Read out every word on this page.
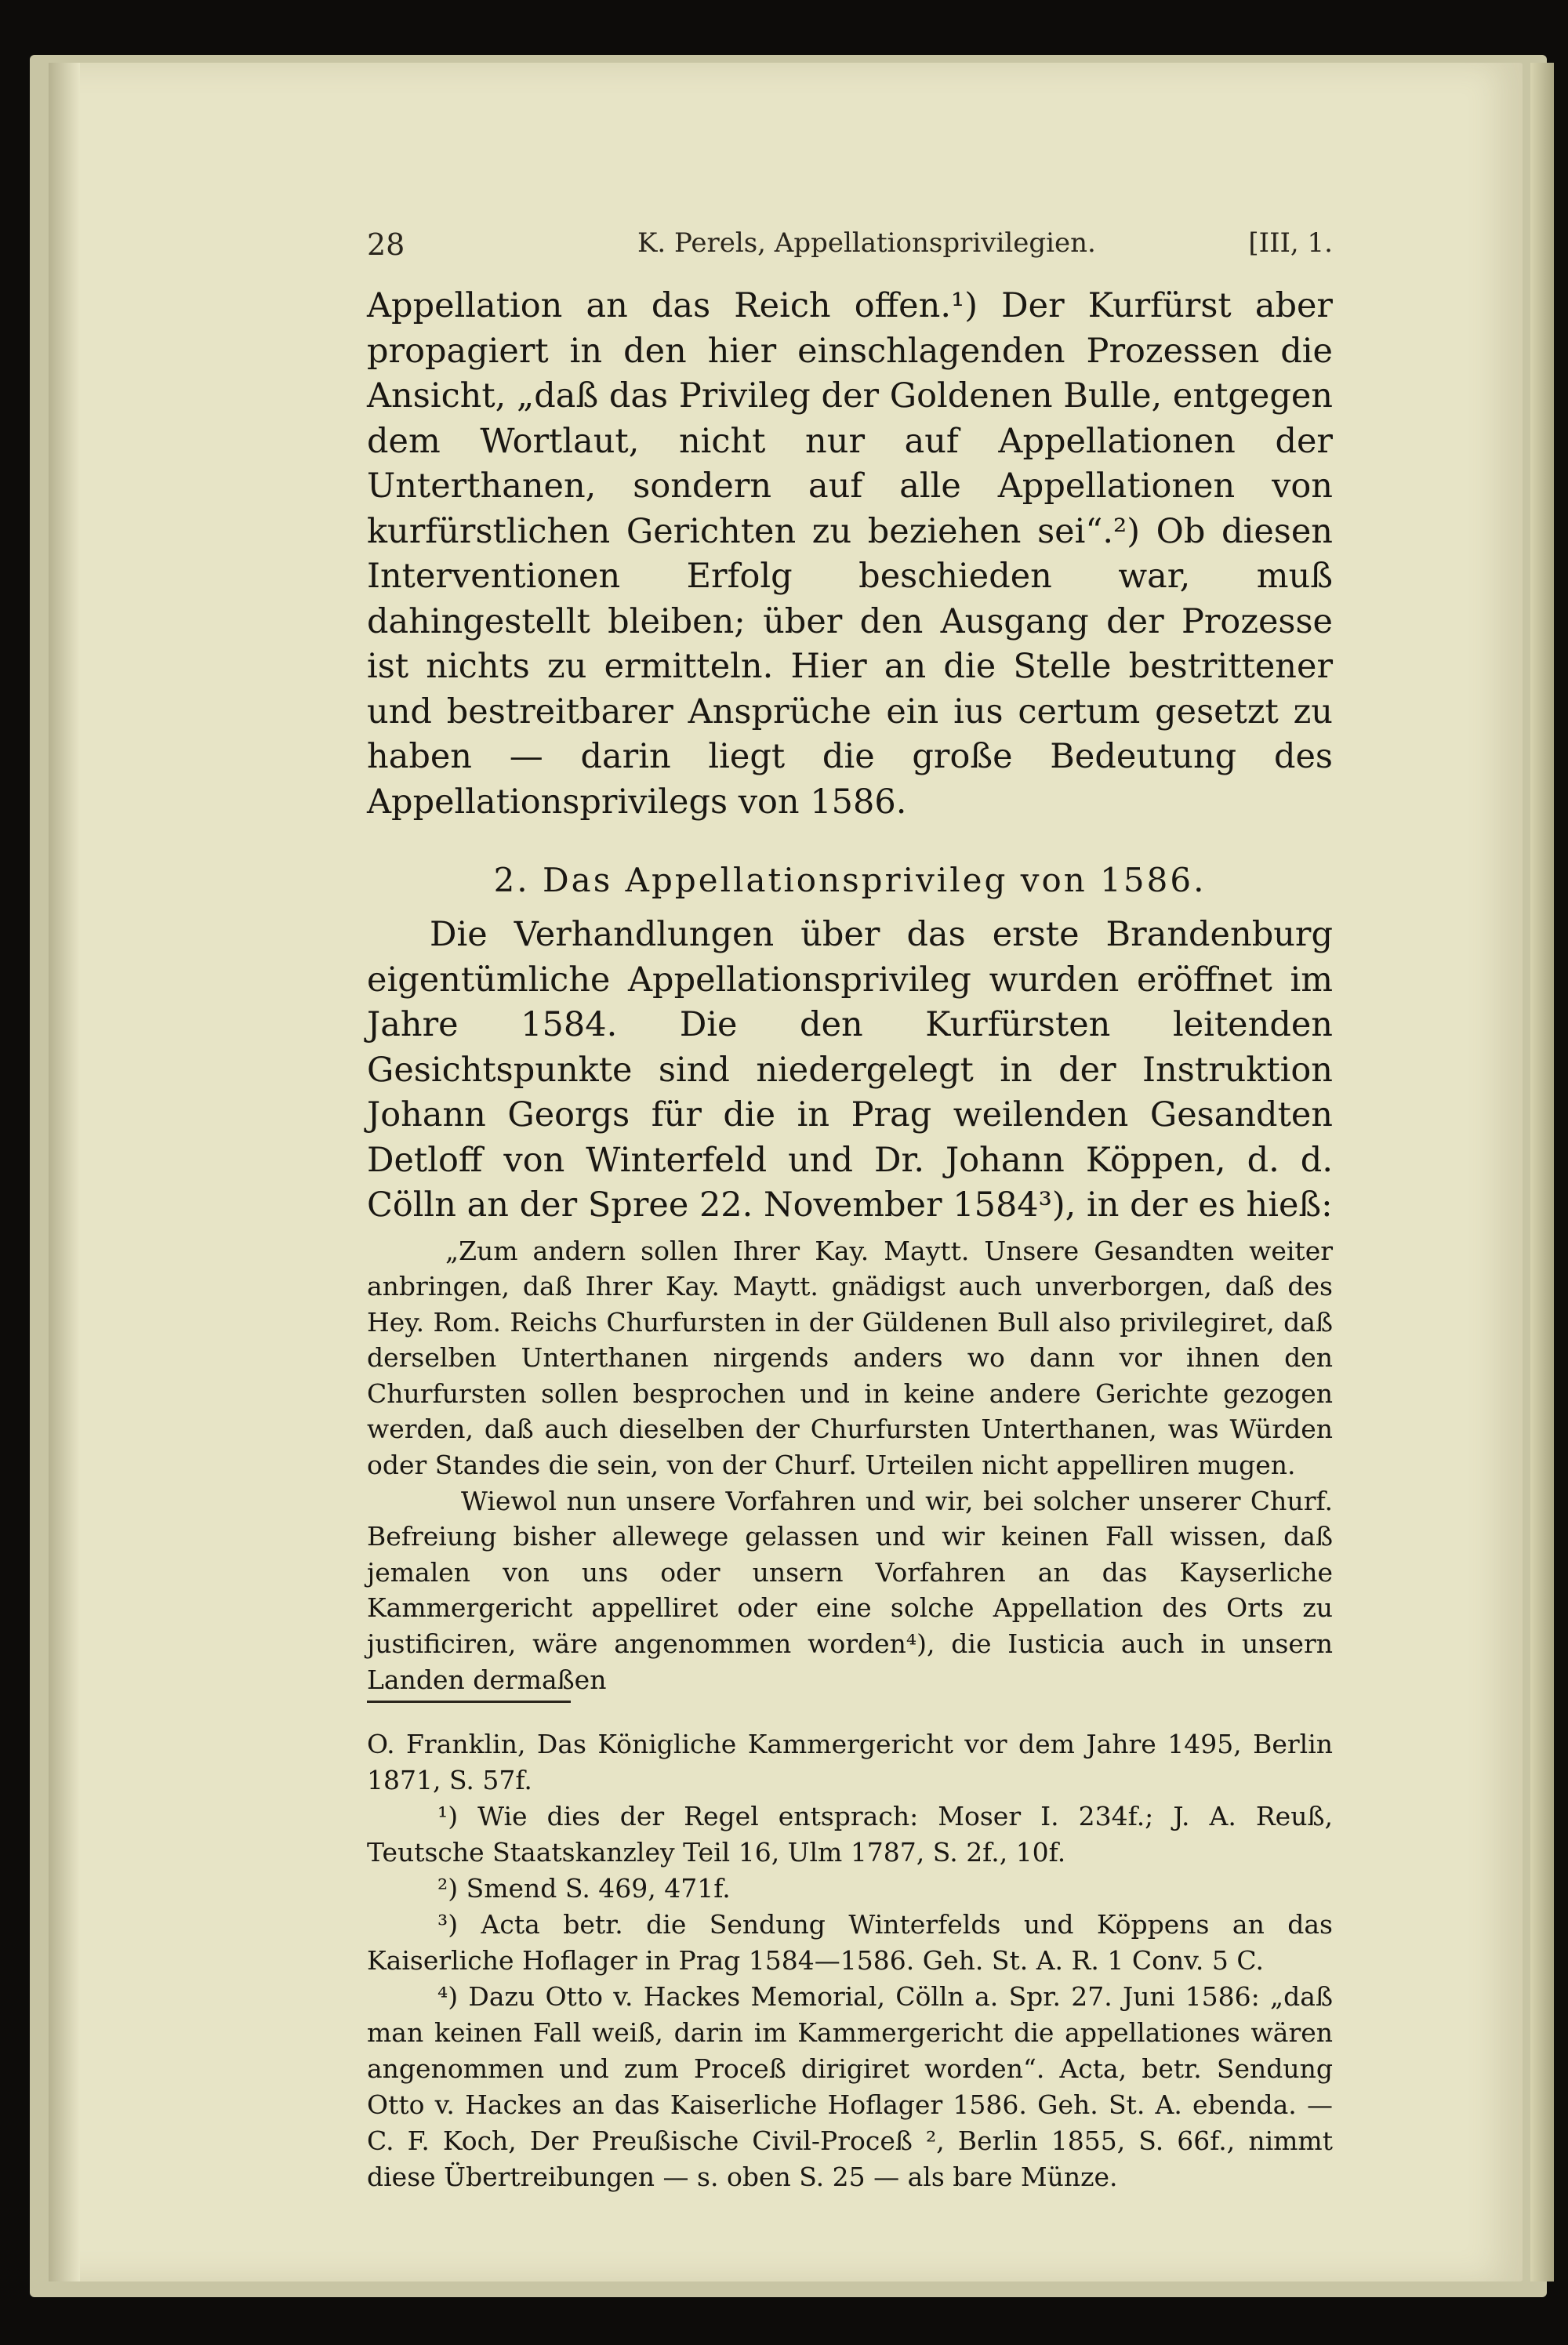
28	K. Perels, Appellationsprivilegien.	[III, 1.

Appellation an das Reich offen.¹) Der Kurfürst aber propagiert in den hier einschlagenden Prozessen die Ansicht, „daß das Privileg der Goldenen Bulle, entgegen dem Wortlaut, nicht nur auf Appellationen der Unterthanen, sondern auf alle Appellationen von kurfürstlichen Gerichten zu beziehen sei“.²) Ob diesen Interventionen Erfolg beschieden war, muß dahingestellt bleiben; über den Ausgang der Prozesse ist nichts zu ermitteln. Hier an die Stelle bestrittener und bestreitbarer Ansprüche ein ius certum gesetzt zu haben — darin liegt die große Bedeutung des Appellationsprivilegs von 1586.

2. Das Appellationsprivileg von 1586.

Die Verhandlungen über das erste Brandenburg eigentümliche Appellationsprivileg wurden eröffnet im Jahre 1584. Die den Kurfürsten leitenden Gesichtspunkte sind niedergelegt in der Instruktion Johann Georgs für die in Prag weilenden Gesandten Detloff von Winterfeld und Dr. Johann Köppen, d. d. Cölln an der Spree 22. November 1584³), in der es hieß:

„Zum andern sollen Ihrer Kay. Maytt. Unsere Gesandten weiter anbringen, daß Ihrer Kay. Maytt. gnädigst auch unverborgen, daß des Hey. Rom. Reichs Churfursten in der Güldenen Bull also privilegiret, daß derselben Unterthanen nirgends anders wo dann vor ihnen den Churfursten sollen besprochen und in keine andere Gerichte gezogen werden, daß auch dieselben der Churfursten Unterthanen, was Würden oder Standes die sein, von der Churf. Urteilen nicht appelliren mugen.

Wiewol nun unsere Vorfahren und wir, bei solcher unserer Churf. Befreiung bisher allewege gelassen und wir keinen Fall wissen, daß jemalen von uns oder unsern Vorfahren an das Kayserliche Kammergericht appelliret oder eine solche Appellation des Orts zu justificiren, wäre angenommen worden⁴), die Iusticia auch in unsern Landen dermaßen

O. Franklin, Das Königliche Kammergericht vor dem Jahre 1495, Berlin 1871, S. 57f.

¹) Wie dies der Regel entsprach: Moser I. 234f.; J. A. Reuß, Teutsche Staatskanzley Teil 16, Ulm 1787, S. 2f., 10f.

²) Smend S. 469, 471f.

³) Acta betr. die Sendung Winterfelds und Köppens an das Kaiserliche Hoflager in Prag 1584—1586. Geh. St. A. R. 1 Conv. 5 C.

⁴) Dazu Otto v. Hackes Memorial, Cölln a. Spr. 27. Juni 1586: „daß man keinen Fall weiß, darin im Kammergericht die appellationes wären angenommen und zum Proceß dirigiret worden“. Acta, betr. Sendung Otto v. Hackes an das Kaiserliche Hoflager 1586. Geh. St. A. ebenda. — C. F. Koch, Der Preußische Civil-Proceß ², Berlin 1855, S. 66f., nimmt diese Übertreibungen — s. oben S. 25 — als bare Münze.
